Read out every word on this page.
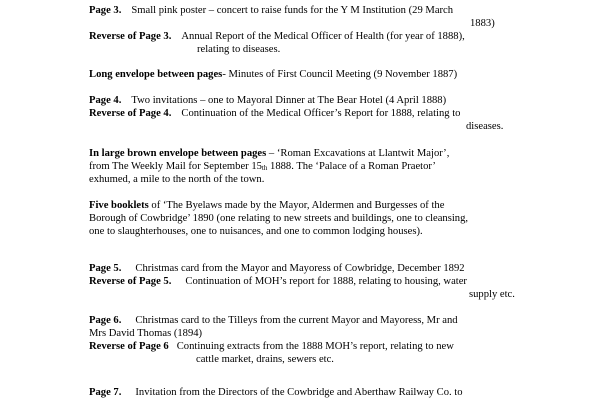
Page 3. Small pink poster – concert to raise funds for the Y M Institution (29 March
1883)
Reverse of Page 3. Annual Report of the Medical Officer of Health (for year of 1888),
relating to diseases.
Long envelope between pages- Minutes of First Council Meeting (9 November 1887)
Page 4. Two invitations – one to Mayoral Dinner at The Bear Hotel (4 April 1888)
Reverse of Page 4. Continuation of the Medical Officer’s Report for 1888, relating to
diseases.
In large brown envelope between pages – ‘Roman Excavations at Llantwit Major’,
from The Weekly Mail for September 15th 1888. The ‘Palace of a Roman Praetor’
exhumed, a mile to the north of the town.
Five booklets of ‘The Byelaws made by the Mayor, Aldermen and Burgesses of the
Borough of Cowbridge’ 1890 (one relating to new streets and buildings, one to cleansing,
one to slaughterhouses, one to nuisances, and one to common lodging houses).
Page 5. Christmas card from the Mayor and Mayoress of Cowbridge, December 1892
Reverse of Page 5. Continuation of MOH’s report for 1888, relating to housing, water
supply etc.
Page 6. Christmas card to the Tilleys from the current Mayor and Mayoress, Mr and
Mrs David Thomas (1894)
Reverse of Page 6 Continuing extracts from the 1888 MOH’s report, relating to new
cattle market, drains, sewers etc.
Page 7. Invitation from the Directors of the Cowbridge and Aberthaw Railway Co. to
